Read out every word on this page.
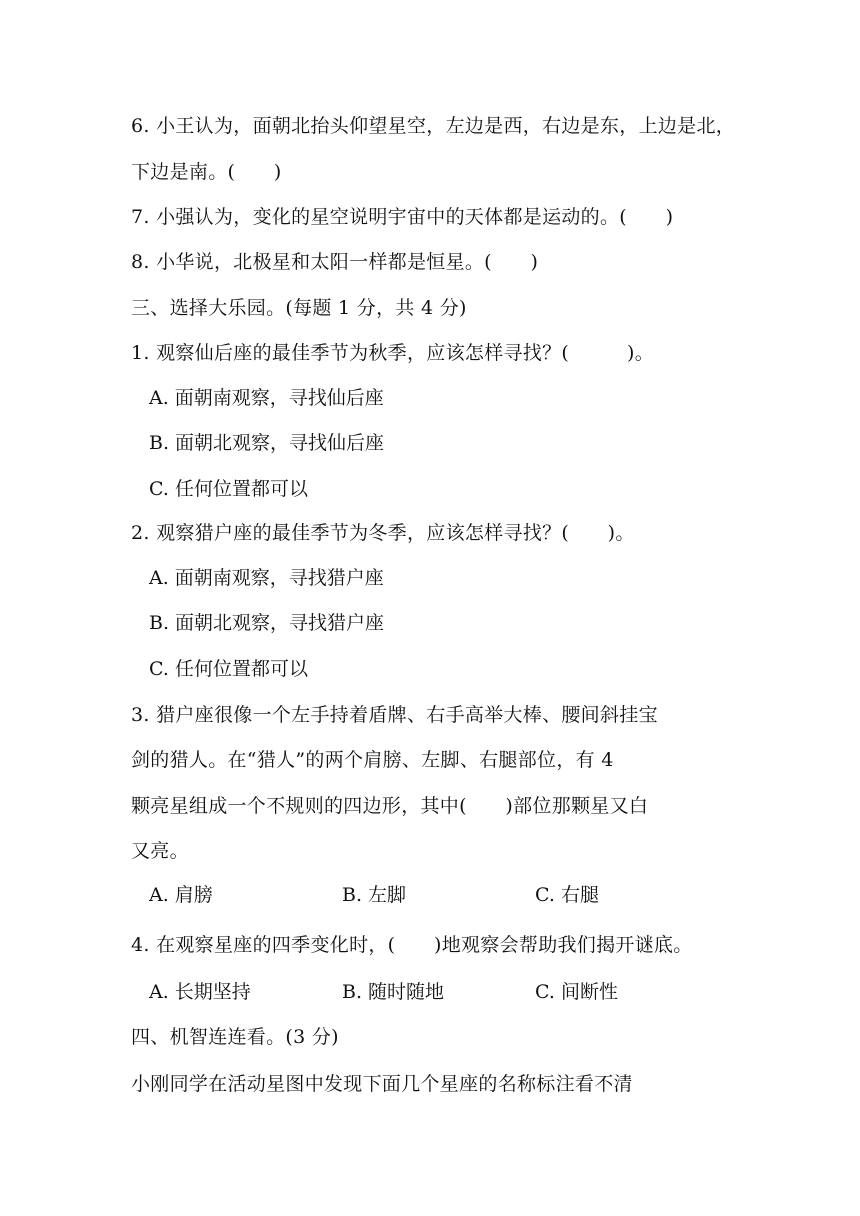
6. 小王认为，面朝北抬头仰望星空，左边是西，右边是东，上边是北，
下边是南。(　　)
7. 小强认为，变化的星空说明宇宙中的天体都是运动的。(　　)
8. 小华说，北极星和太阳一样都是恒星。(　　)
三、选择大乐园。(每题 1 分，共 4 分)
1. 观察仙后座的最佳季节为秋季，应该怎样寻找？(　　　)。
A. 面朝南观察，寻找仙后座
B. 面朝北观察，寻找仙后座
C. 任何位置都可以
2. 观察猎户座的最佳季节为冬季，应该怎样寻找？(　　)。
A. 面朝南观察，寻找猎户座
B. 面朝北观察，寻找猎户座
C. 任何位置都可以
3. 猎户座很像一个左手持着盾牌、右手高举大棒、腰间斜挂宝
剑的猎人。在“猎人”的两个肩膀、左脚、右腿部位，有 4
颗亮星组成一个不规则的四边形，其中(　　)部位那颗星又白
又亮。
A. 肩膀	B. 左脚	C. 右腿
4. 在观察星座的四季变化时，(　　)地观察会帮助我们揭开谜底。
A. 长期坚持	B. 随时随地	C. 间断性
四、机智连连看。(3 分)
小刚同学在活动星图中发现下面几个星座的名称标注看不清
